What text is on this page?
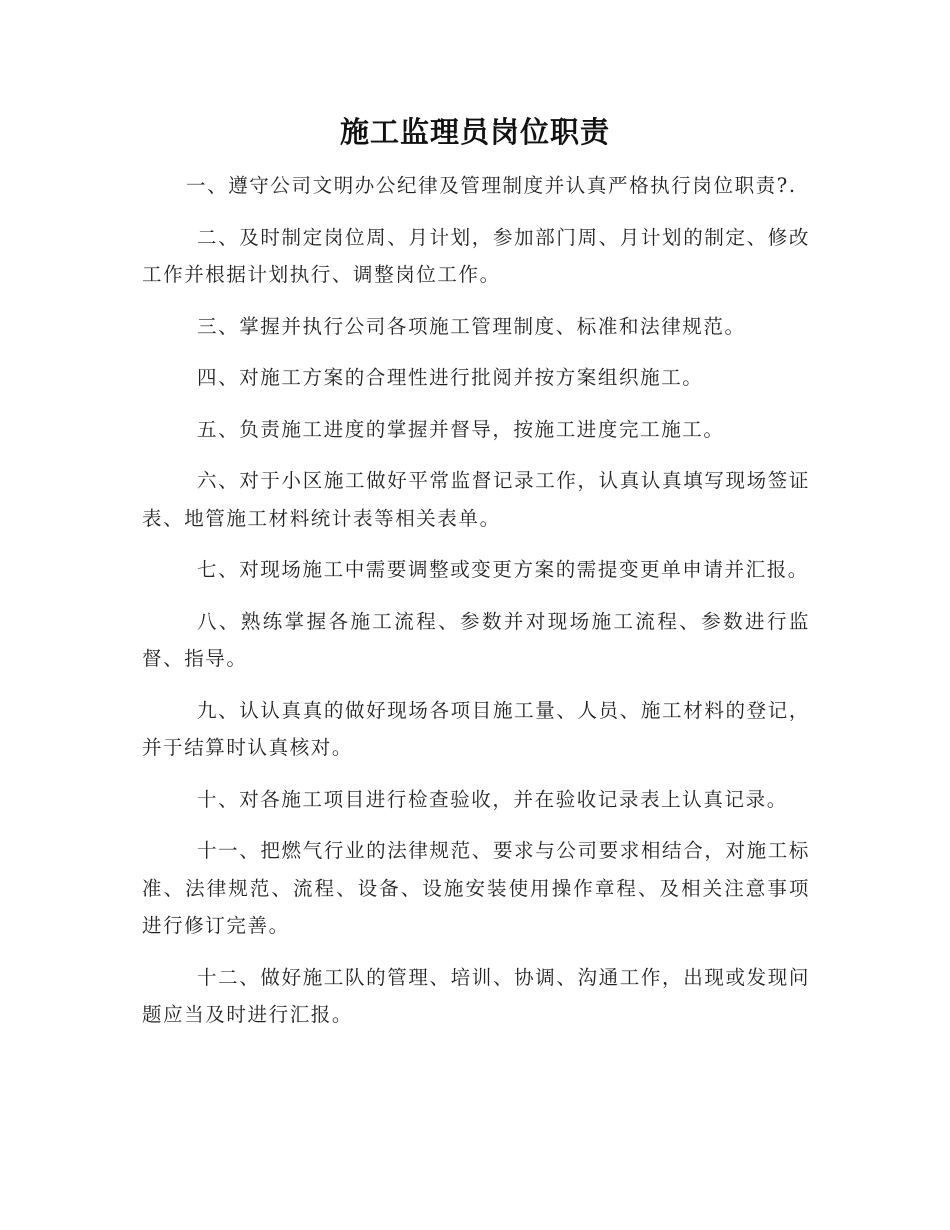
施工监理员岗位职责

一、遵守公司文明办公纪律及管理制度并认真严格执行岗位职责?.

二、及时制定岗位周、月计划，参加部门周、月计划的制定、修改工作并根据计划执行、调整岗位工作。

三、掌握并执行公司各项施工管理制度、标准和法律规范。

四、对施工方案的合理性进行批阅并按方案组织施工。

五、负责施工进度的掌握并督导，按施工进度完工施工。

六、对于小区施工做好平常监督记录工作，认真认真填写现场签证表、地管施工材料统计表等相关表单。

七、对现场施工中需要调整或变更方案的需提变更单申请并汇报。

八、熟练掌握各施工流程、参数并对现场施工流程、参数进行监督、指导。

九、认认真真的做好现场各项目施工量、人员、施工材料的登记，并于结算时认真核对。

十、对各施工项目进行检查验收，并在验收记录表上认真记录。

十一、把燃气行业的法律规范、要求与公司要求相结合，对施工标准、法律规范、流程、设备、设施安装使用操作章程、及相关注意事项进行修订完善。

十二、做好施工队的管理、培训、协调、沟通工作，出现或发现问题应当及时进行汇报。
